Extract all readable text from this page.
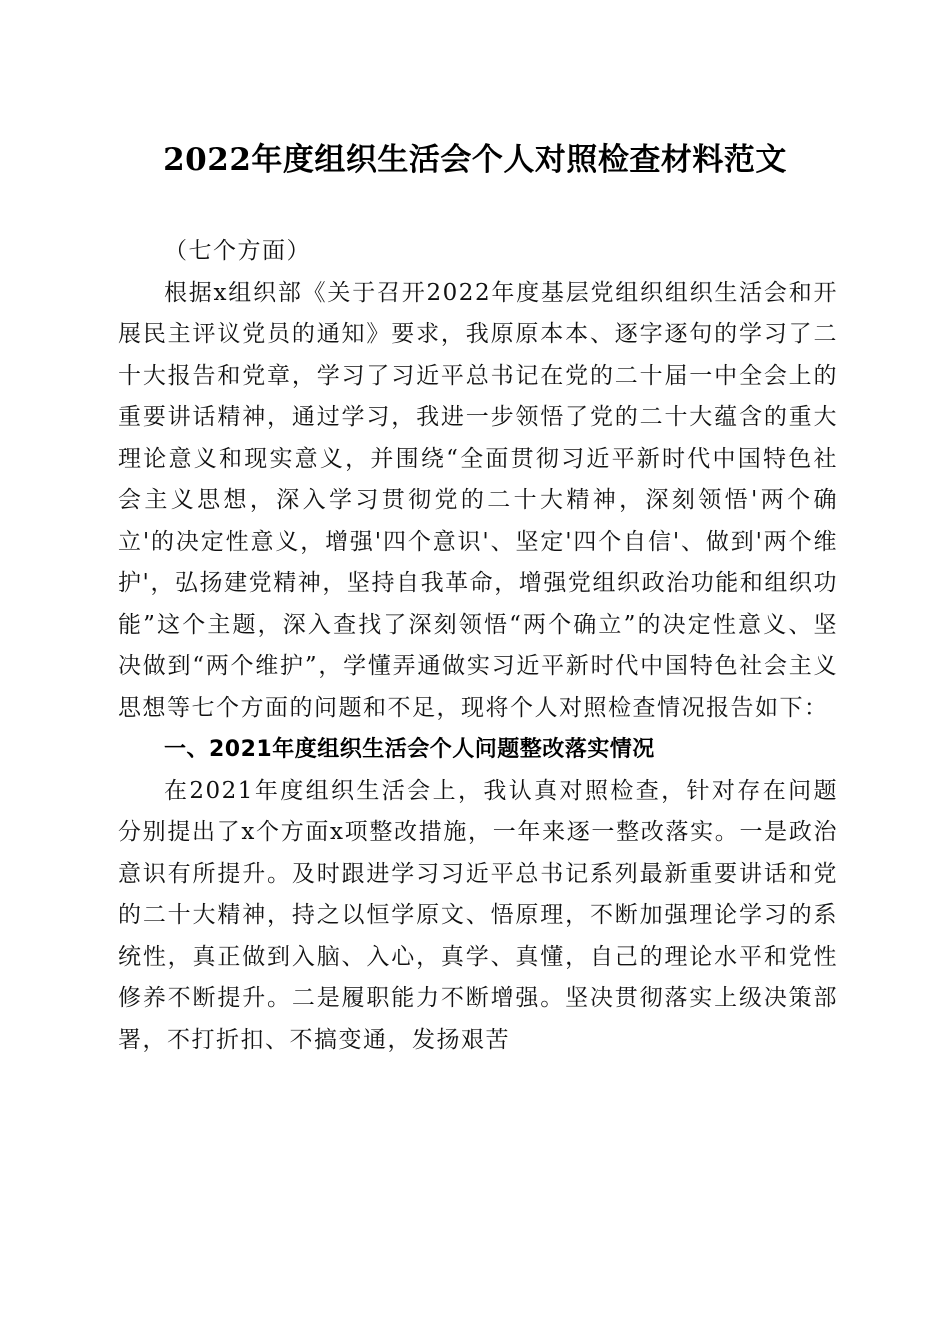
2022年度组织生活会个人对照检查材料范文

（七个方面）

根据x组织部《关于召开2022年度基层党组织组织生活会和开展民主评议党员的通知》要求，我原原本本、逐字逐句的学习了二十大报告和党章，学习了习近平总书记在党的二十届一中全会上的重要讲话精神，通过学习，我进一步领悟了党的二十大蕴含的重大理论意义和现实意义，并围绕“全面贯彻习近平新时代中国特色社会主义思想，深入学习贯彻党的二十大精神，深刻领悟'两个确立'的决定性意义，增强'四个意识'、坚定'四个自信'、做到'两个维护'，弘扬建党精神，坚持自我革命，增强党组织政治功能和组织功能”这个主题，深入查找了深刻领悟“两个确立”的决定性意义、坚决做到“两个维护”，学懂弄通做实习近平新时代中国特色社会主义思想等七个方面的问题和不足，现将个人对照检查情况报告如下：

一、2021年度组织生活会个人问题整改落实情况

在2021年度组织生活会上，我认真对照检查，针对存在问题分别提出了x个方面x项整改措施，一年来逐一整改落实。一是政治意识有所提升。及时跟进学习习近平总书记系列最新重要讲话和党的二十大精神，持之以恒学原文、悟原理，不断加强理论学习的系统性，真正做到入脑、入心，真学、真懂，自己的理论水平和党性修养不断提升。二是履职能力不断增强。坚决贯彻落实上级决策部署，不打折扣、不搞变通，发扬艰苦
